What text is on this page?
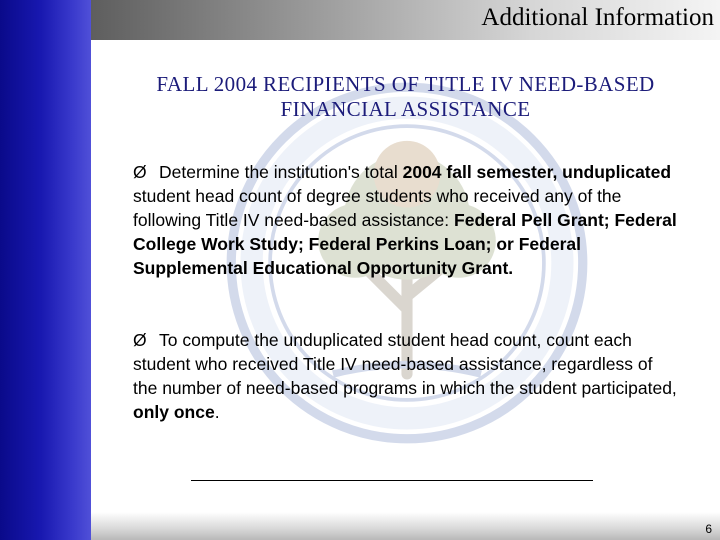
Additional Information
FALL 2004 RECIPIENTS OF TITLE IV NEED-BASED
FINANCIAL ASSISTANCE
Ø Determine the institution's total 2004 fall semester, unduplicated student head count of degree students who received any of the following Title IV need-based assistance: Federal Pell Grant; Federal College Work Study; Federal Perkins Loan; or Federal Supplemental Educational Opportunity Grant.
Ø To compute the unduplicated student head count, count each student who received Title IV need-based assistance, regardless of the number of need-based programs in which the student participated, only once.
6
